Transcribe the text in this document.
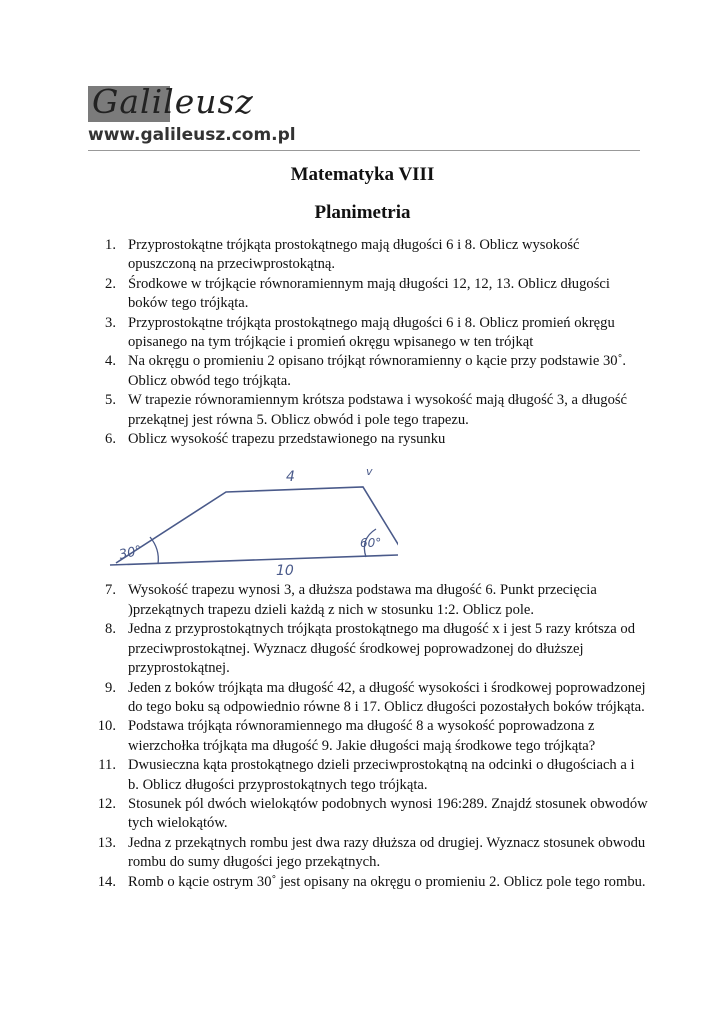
Galileusz
www.galileusz.com.pl
Matematyka VIII
Planimetria
1. Przyprostokątne trójkąta prostokątnego mają długości 6 i 8. Oblicz wysokość opuszczoną na przeciwprostokątną.
2. Środkowe w trójkącie równoramiennym mają długości 12, 12, 13. Oblicz długości boków tego trójkąta.
3. Przyprostokątne trójkąta prostokątnego mają długości 6 i 8. Oblicz promień okręgu opisanego na tym trójkącie i promień okręgu wpisanego w ten trójkąt
4. Na okręgu o promieniu 2 opisano trójkąt równoramienny o kącie przy podstawie 30˚. Oblicz obwód tego trójkąta.
5. W trapezie równoramiennym krótsza podstawa i wysokość mają długość 3, a długość przekątnej jest równa 5. Oblicz obwód i pole tego trapezu.
6. Oblicz wysokość trapezu przedstawionego na rysunku
4	v
30°
60°
10
7. Wysokość trapezu wynosi 3, a dłuższa podstawa ma długość 6. Punkt przecięcia )przekątnych trapezu dzieli każdą z nich w stosunku 1:2. Oblicz pole.
8. Jedna z przyprostokątnych trójkąta prostokątnego ma długość x i jest 5 razy krótsza od przeciwprostokątnej. Wyznacz długość środkowej poprowadzonej do dłuższej przyprostokątnej.
9. Jeden z boków trójkąta ma długość 42, a długość wysokości i środkowej poprowadzonej do tego boku są odpowiednio równe 8 i 17. Oblicz długości pozostałych boków trójkąta.
10. Podstawa trójkąta równoramiennego ma długość 8 a wysokość poprowadzona z wierzchołka trójkąta ma długość 9. Jakie długości mają środkowe tego trójkąta?
11. Dwusieczna kąta prostokątnego dzieli przeciwprostokątną na odcinki o długościach a i b. Oblicz długości przyprostokątnych tego trójkąta.
12. Stosunek pól dwóch wielokątów podobnych wynosi 196:289. Znajdź stosunek obwodów tych wielokątów.
13. Jedna z przekątnych rombu jest dwa razy dłuższa od drugiej. Wyznacz stosunek obwodu rombu do sumy długości jego przekątnych.
14. Romb o kącie ostrym 30˚ jest opisany na okręgu o promieniu 2. Oblicz pole tego rombu.
